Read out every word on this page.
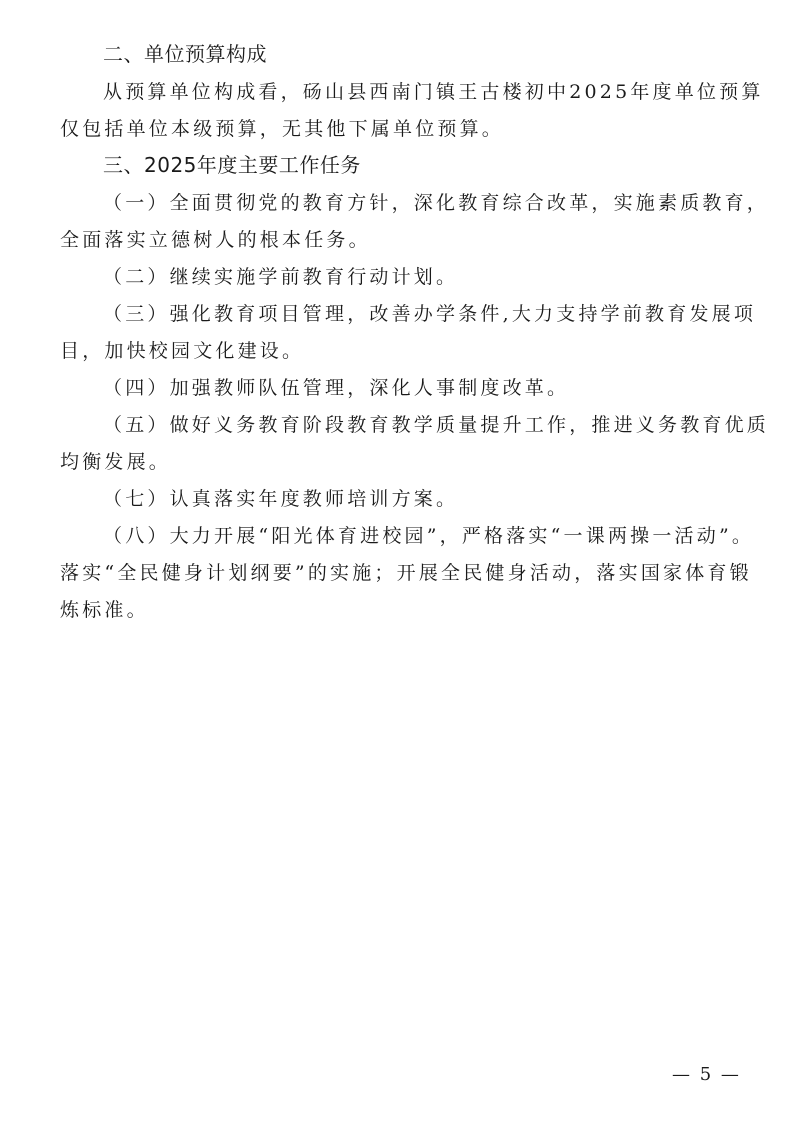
二、单位预算构成
从预算单位构成看，砀山县西南门镇王古楼初中2025年度单位预算
仅包括单位本级预算，无其他下属单位预算。
三、2025年度主要工作任务
（一）全面贯彻党的教育方针，深化教育综合改革，实施素质教育，
全面落实立德树人的根本任务。
（二）继续实施学前教育行动计划。
（三）强化教育项目管理，改善办学条件,大力支持学前教育发展项
目，加快校园文化建设。
（四）加强教师队伍管理，深化人事制度改革。
（五）做好义务教育阶段教育教学质量提升工作，推进义务教育优质
均衡发展。
（七）认真落实年度教师培训方案。
（八）大力开展“阳光体育进校园”，严格落实“一课两操一活动”。
落实“全民健身计划纲要”的实施；开展全民健身活动，落实国家体育锻
炼标准。
— 5 —
